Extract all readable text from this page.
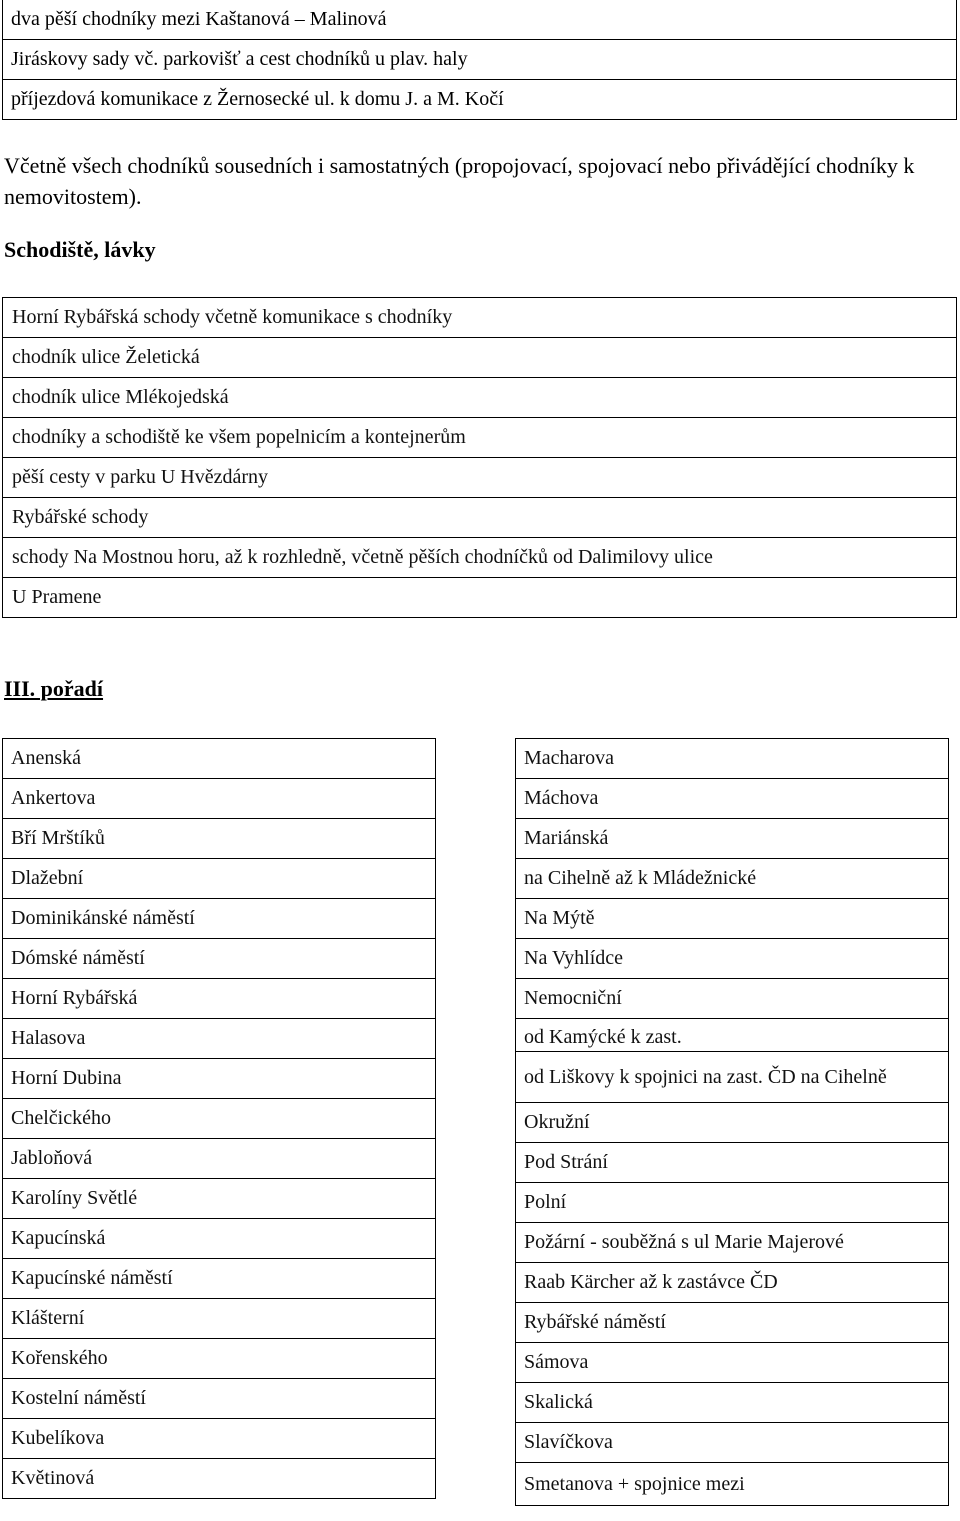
dva pěší chodníky mezi Kaštanová – Malinová
Jiráskovy sady vč. parkovišť a cest chodníků u plav. haly
příjezdová komunikace z Žernosecké ul. k domu J. a M. Kočí

Včetně všech chodníků sousedních i samostatných (propojovací, spojovací nebo přivádějící chodníky k nemovitostem).

Schodiště, lávky
Horní Rybářská schody včetně komunikace s chodníky
chodník ulice Želetická
chodník ulice Mlékojedská
chodníky a schodiště ke všem popelnicím a kontejnerům
pěší cesty v parku U Hvězdárny
Rybářské schody
schody Na Mostnou horu, až k rozhledně, včetně pěších chodníčků od Dalimilovy ulice
U Pramene
III. pořadí
Anenská
Ankertova
Bří Mrštíků
Dlažební
Dominikánské náměstí
Dómské náměstí
Horní Rybářská
Halasova
Horní Dubina
Chelčického
Jabloňová
Karolíny Světlé
Kapucínská
Kapucínské náměstí
Klášterní
Kořenského
Kostelní náměstí
Kubelíkova
Květinová
Macharova
Máchova
Mariánská
na Cihelně až k Mládežnické
Na Mýtě
Na Vyhlídce
Nemocniční
od Kamýcké k zast.
od Liškovy k spojnici na zast. ČD na Cihelně
Okružní
Pod Strání
Polní
Požární - souběžná s ul Marie Majerové
Raab Kärcher až k zastávce ČD
Rybářské náměstí
Sámova
Skalická
Slavíčkova
Smetanova + spojnice mezi
